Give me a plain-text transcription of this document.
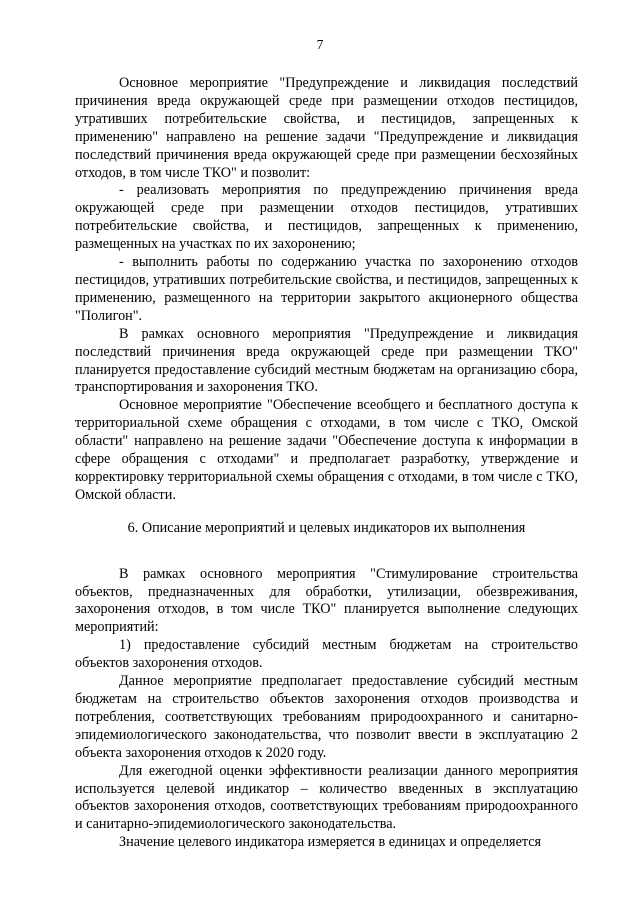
7

Основное мероприятие "Предупреждение и ликвидация последствий причинения вреда окружающей среде при размещении отходов пестицидов, утративших потребительские свойства, и пестицидов, запрещенных к применению" направлено на решение задачи "Предупреждение и ликвидация последствий причинения вреда окружающей среде при размещении бесхозяйных отходов, в том числе ТКО" и позволит:

- реализовать мероприятия по предупреждению причинения вреда окружающей среде при размещении отходов пестицидов, утративших потребительские свойства, и пестицидов, запрещенных к применению, размещенных на участках по их захоронению;

- выполнить работы по содержанию участка по захоронению отходов пестицидов, утративших потребительские свойства, и пестицидов, запрещенных к применению, размещенного на территории закрытого акционерного общества "Полигон".

В рамках основного мероприятия "Предупреждение и ликвидация последствий причинения вреда окружающей среде при размещении ТКО" планируется предоставление субсидий местным бюджетам на организацию сбора, транспортирования и захоронения ТКО.

Основное мероприятие "Обеспечение всеобщего и бесплатного доступа к территориальной схеме обращения с отходами, в том числе с ТКО, Омской области" направлено на решение задачи "Обеспечение доступа к информации в сфере обращения с отходами" и предполагает разработку, утверждение и корректировку территориальной схемы обращения с отходами, в том числе с ТКО, Омской области.

6. Описание мероприятий и целевых индикаторов их выполнения

В рамках основного мероприятия "Стимулирование строительства объектов, предназначенных для обработки, утилизации, обезвреживания, захоронения отходов, в том числе ТКО" планируется выполнение следующих мероприятий:

1) предоставление субсидий местным бюджетам на строительство объектов захоронения отходов.

Данное мероприятие предполагает предоставление субсидий местным бюджетам на строительство объектов захоронения отходов производства и потребления, соответствующих требованиям природоохранного и санитарно-эпидемиологического законодательства, что позволит ввести в эксплуатацию 2 объекта захоронения отходов к 2020 году.

Для ежегодной оценки эффективности реализации данного мероприятия используется целевой индикатор – количество введенных в эксплуатацию объектов захоронения отходов, соответствующих требованиям природоохранного и санитарно-эпидемиологического законодательства.

Значение целевого индикатора измеряется в единицах и определяется
